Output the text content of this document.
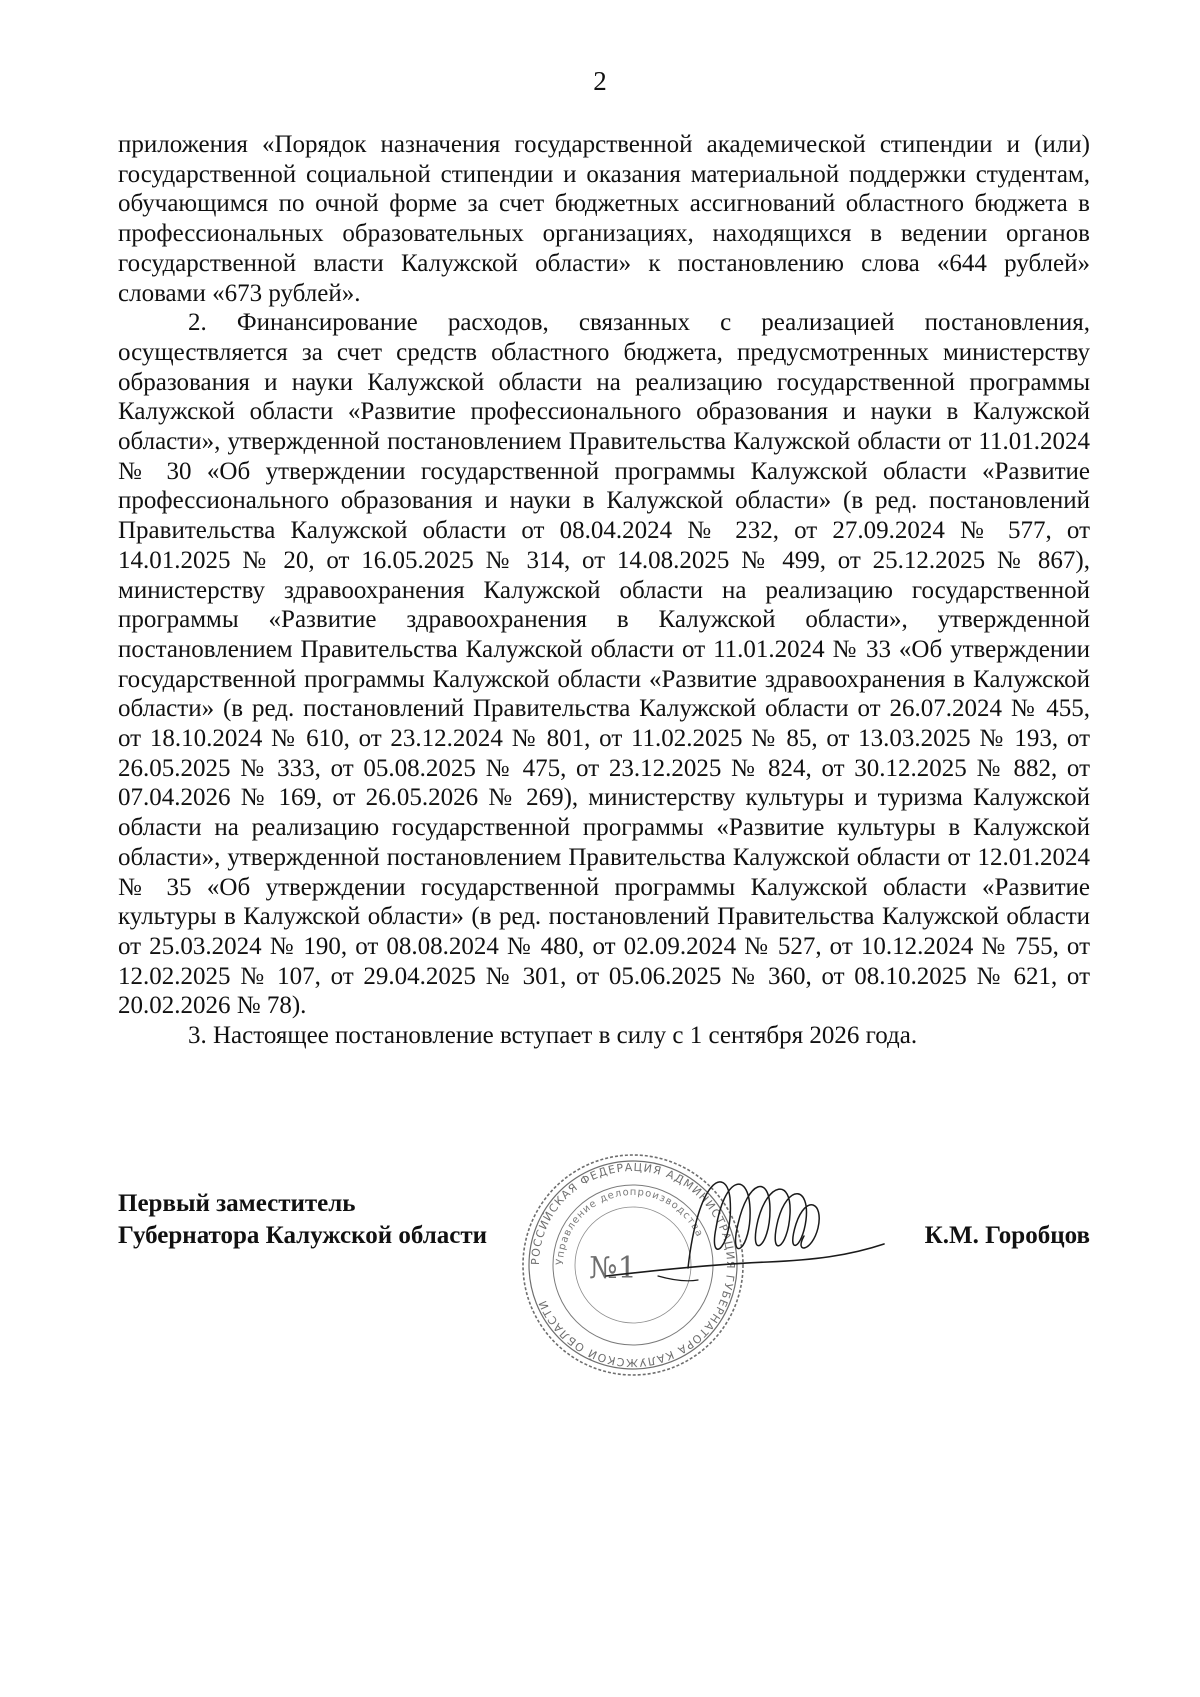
2

приложения «Порядок назначения государственной академической стипендии и (или) государственной социальной стипендии и оказания материальной поддержки студентам, обучающимся по очной форме за счет бюджетных ассигнований областного бюджета в профессиональных образовательных организациях, находящихся в ведении органов государственной власти Калужской области» к постановлению слова «644 рублей» словами «673 рублей».

2. Финансирование расходов, связанных с реализацией постановления, осуществляется за счет средств областного бюджета, предусмотренных министерству образования и науки Калужской области на реализацию государственной программы Калужской области «Развитие профессионального образования и науки в Калужской области», утвержденной постановлением Правительства Калужской области от 11.01.2024 № 30 «Об утверждении государственной программы Калужской области «Развитие профессионального образования и науки в Калужской области» (в ред. постановлений Правительства Калужской области от 08.04.2024 № 232, от 27.09.2024 № 577, от 14.01.2025 № 20, от 16.05.2025 № 314, от 14.08.2025 № 499, от 25.12.2025 № 867), министерству здравоохранения Калужской области на реализацию государственной программы «Развитие здравоохранения в Калужской области», утвержденной постановлением Правительства Калужской области от 11.01.2024 № 33 «Об утверждении государственной программы Калужской области «Развитие здравоохранения в Калужской области» (в ред. постановлений Правительства Калужской области от 26.07.2024 № 455, от 18.10.2024 № 610, от 23.12.2024 № 801, от 11.02.2025 № 85, от 13.03.2025 № 193, от 26.05.2025 № 333, от 05.08.2025 № 475, от 23.12.2025 № 824, от 30.12.2025 № 882, от 07.04.2026 № 169, от 26.05.2026 № 269), министерству культуры и туризма Калужской области на реализацию государственной программы «Развитие культуры в Калужской области», утвержденной постановлением Правительства Калужской области от 12.01.2024 № 35 «Об утверждении государственной программы Калужской области «Развитие культуры в Калужской области» (в ред. постановлений Правительства Калужской области от 25.03.2024 № 190, от 08.08.2024 № 480, от 02.09.2024 № 527, от 10.12.2024 № 755, от 12.02.2025 № 107, от 29.04.2025 № 301, от 05.06.2025 № 360, от 08.10.2025 № 621, от 20.02.2026 № 78).

3. Настоящее постановление вступает в силу с 1 сентября 2026 года.

Первый заместитель
Губернатора Калужской области
РОССИЙСКАЯ ФЕДЕРАЦИЯ АДМИНИСТРАЦИЯ ГУБЕРНАТОРА КАЛУЖСКОЙ ОБЛАСТИ
Управление делопроизводства
№1
К.М. Горобцов
